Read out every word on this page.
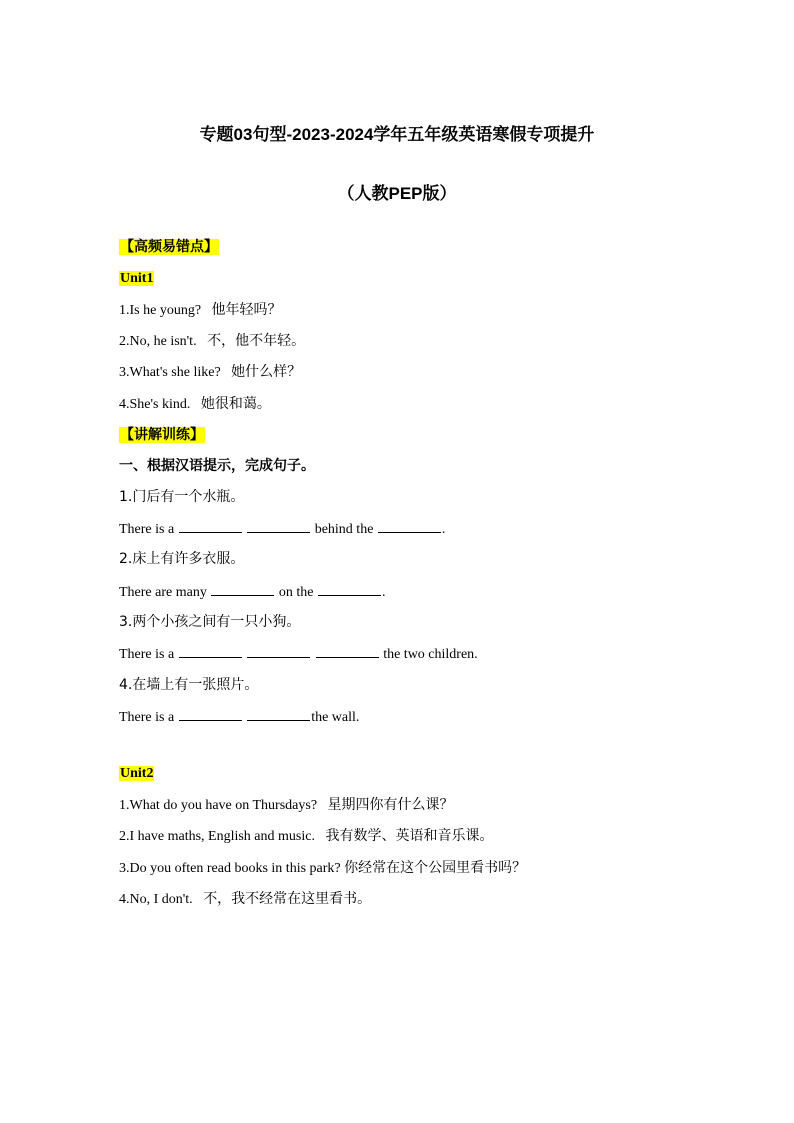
专题03句型-2023-2024学年五年级英语寒假专项提升
（人教PEP版）
【高频易错点】
Unit1
1.Is he young? 他年轻吗？
2.No, he isn't. 不，他不年轻。
3.What's she like? 她什么样？
4.She's kind. 她很和蔼。
【讲解训练】
一、根据汉语提示，完成句子。
1.门后有一个水瓶。
There is a	behind the	.
2.床上有许多衣服。
There are many	on the	.
3.两个小孩之间有一只小狗。
There is a	the two children.
4.在墙上有一张照片。
There is a	the wall.
Unit2
1.What do you have on Thursdays? 星期四你有什么课？
2.I have maths, English and music. 我有数学、英语和音乐课。
3.Do you often read books in this park? 你经常在这个公园里看书吗？
4.No, I don't. 不，我不经常在这里看书。
